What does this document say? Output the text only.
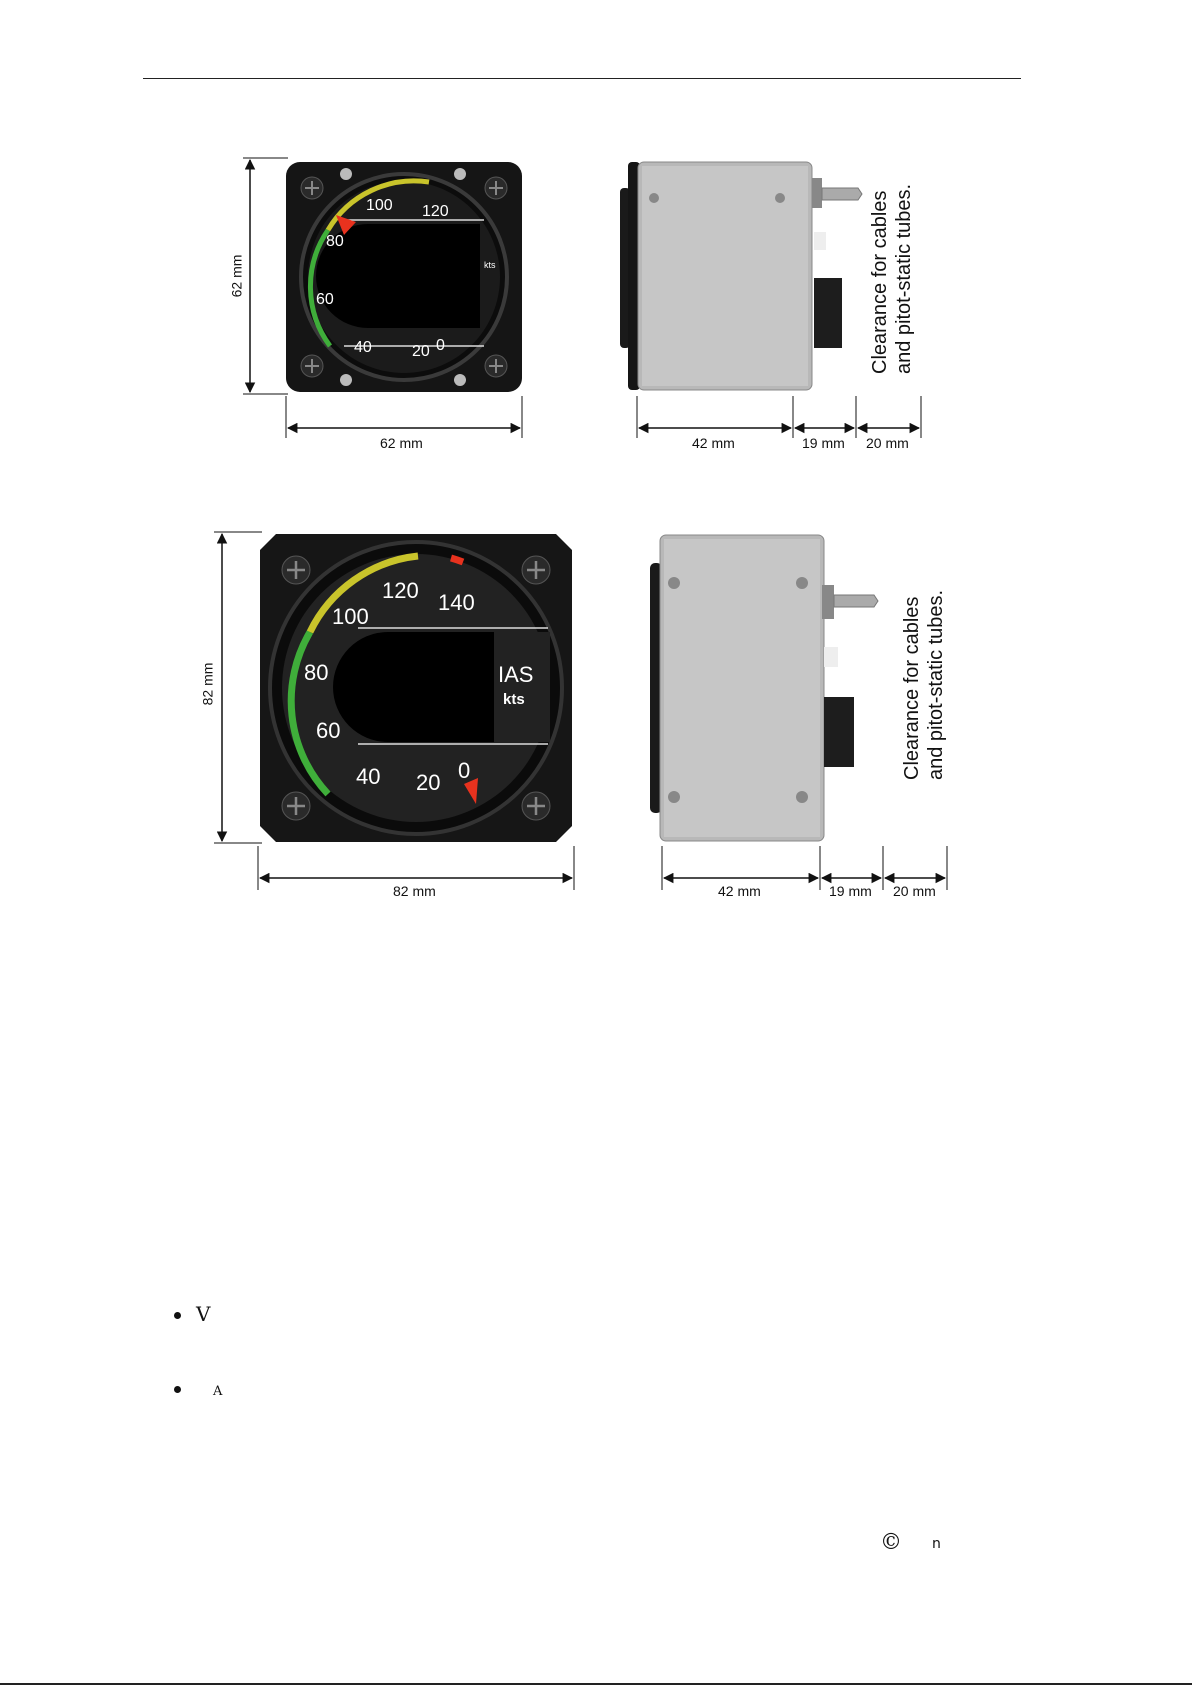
62 mm
62 mm
100 120
80
60
40	20 0
kts	Clearance for cables and pitot-static tubes.
42 mm	19 mm 20 mm
82 mm
82 mm
100
120 140
80
60
40 20 0
IAS
kts	Clearance for cables and pitot-static tubes.
42 mm	19 mm 20 mm
V
A
© n
